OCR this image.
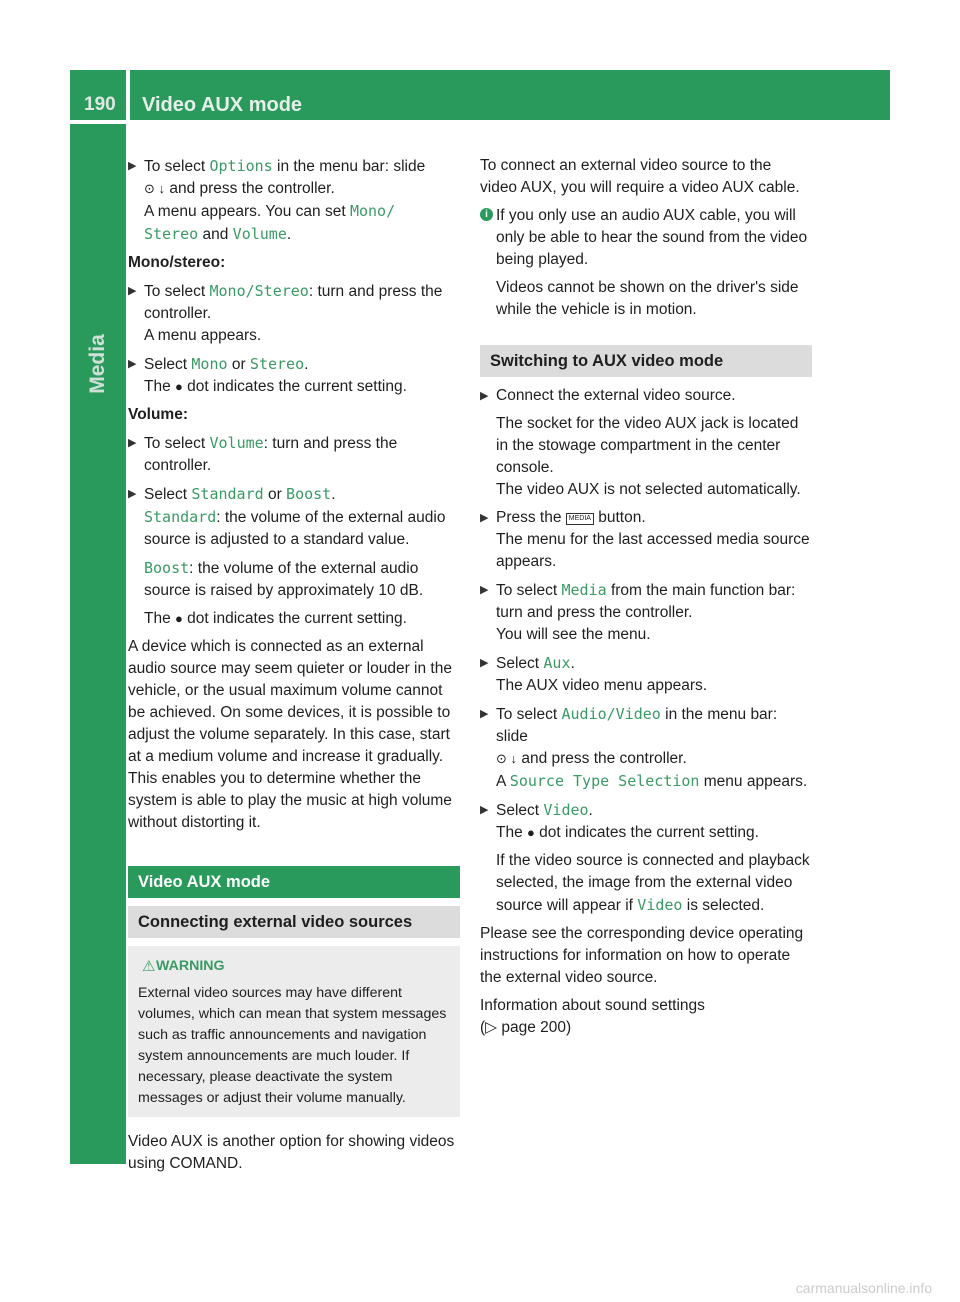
190	Video AUX mode
Media
▶ To select Options in the menu bar: slide
⊙ ↓ and press the controller.
A menu appears. You can set Mono/
Stereo and Volume.

Mono/stereo:

▶ To select Mono/Stereo: turn and press the controller.
A menu appears.
▶ Select Mono or Stereo.
The ● dot indicates the current setting.

Volume:

▶ To select Volume: turn and press the controller.
▶ Select Standard or Boost.
Standard: the volume of the external audio source is adjusted to a standard value.
Boost: the volume of the external audio source is raised by approximately 10 dB.
The ● dot indicates the current setting.

A device which is connected as an external audio source may seem quieter or louder in the vehicle, or the usual maximum volume cannot be achieved. On some devices, it is possible to adjust the volume separately. In this case, start at a medium volume and increase it gradually. This enables you to determine whether the system is able to play the music at high volume without distorting it.

Video AUX mode
Connecting external video sources
⚠ WARNING
External video sources may have different volumes, which can mean that system messages such as traffic announcements and navigation system announcements are much louder. If necessary, please deactivate the system messages or adjust their volume manually.

Video AUX is another option for showing videos using COMAND.

To connect an external video source to the video AUX, you will require a video AUX cable.

i If you only use an audio AUX cable, you will only be able to hear the sound from the video being played.

Videos cannot be shown on the driver's side while the vehicle is in motion.

Switching to AUX video mode
▶ Connect the external video source.
The socket for the video AUX jack is located in the stowage compartment in the center console.
The video AUX is not selected automatically.
▶ Press the MEDIA button.
The menu for the last accessed media source appears.
▶ To select Media from the main function bar: turn and press the controller.
You will see the menu.
▶ Select Aux.
The AUX video menu appears.
▶ To select Audio/Video in the menu bar: slide
⊙ ↓ and press the controller.
A Source Type Selection menu appears.
▶ Select Video.
The ● dot indicates the current setting.
If the video source is connected and playback selected, the image from the external video source will appear if Video is selected.

Please see the corresponding device operating instructions for information on how to operate the external video source.

Information about sound settings

(▷ page 200)

carmanualsonline.info
